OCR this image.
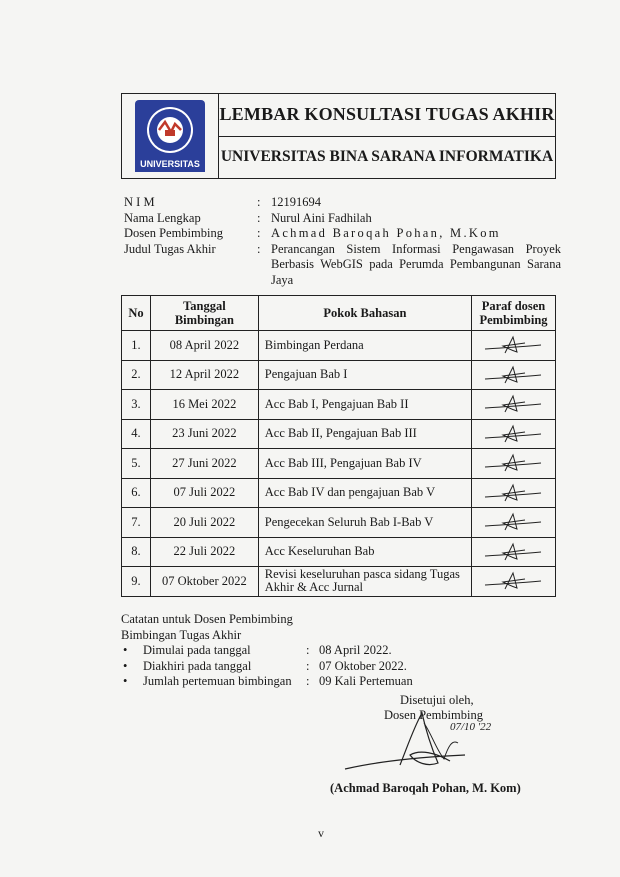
UNIVERSITAS
LEMBAR KONSULTASI TUGAS AKHIR
UNIVERSITAS BINA SARANA INFORMATIKA
N I M	: 12191694
Nama Lengkap	: Nurul Aini Fadhilah
Dosen Pembimbing	: Achmad Baroqah Pohan, M.Kom
Judul Tugas Akhir	: Perancangan Sistem Informasi Pengawasan Proyek Berbasis WebGIS pada Perumda Pembangunan Sarana Jaya
No	Tanggal Bimbingan	Pokok Bahasan	Paraf dosen Pembimbing
1.	08 April 2022	Bimbingan Perdana	

2.	12 April 2022	Pengajuan Bab I	

3.	16 Mei 2022	Acc Bab I, Pengajuan Bab II	

4.	23 Juni 2022	Acc Bab II, Pengajuan Bab III	

5.	27 Juni 2022	Acc Bab III, Pengajuan Bab IV	

6.	07 Juli 2022	Acc Bab IV dan pengajuan Bab V	

7.	20 Juli 2022	Pengecekan Seluruh Bab I-Bab V	

8.	22 Juli 2022	Acc Keseluruhan Bab	

9.	07 Oktober 2022	Revisi keseluruhan pasca sidang Tugas Akhir & Acc Jurnal	
Catatan untuk Dosen Pembimbing
Bimbingan Tugas Akhir
•	Dimulai pada tanggal	: 08 April 2022.
•	Diakhiri pada tanggal	: 07 Oktober 2022.
•	Jumlah pertemuan bimbingan	: 09 Kali Pertemuan
Disetujui oleh,
Dosen Pembimbing
07/10 '22
(Achmad Baroqah Pohan, M. Kom)
v
